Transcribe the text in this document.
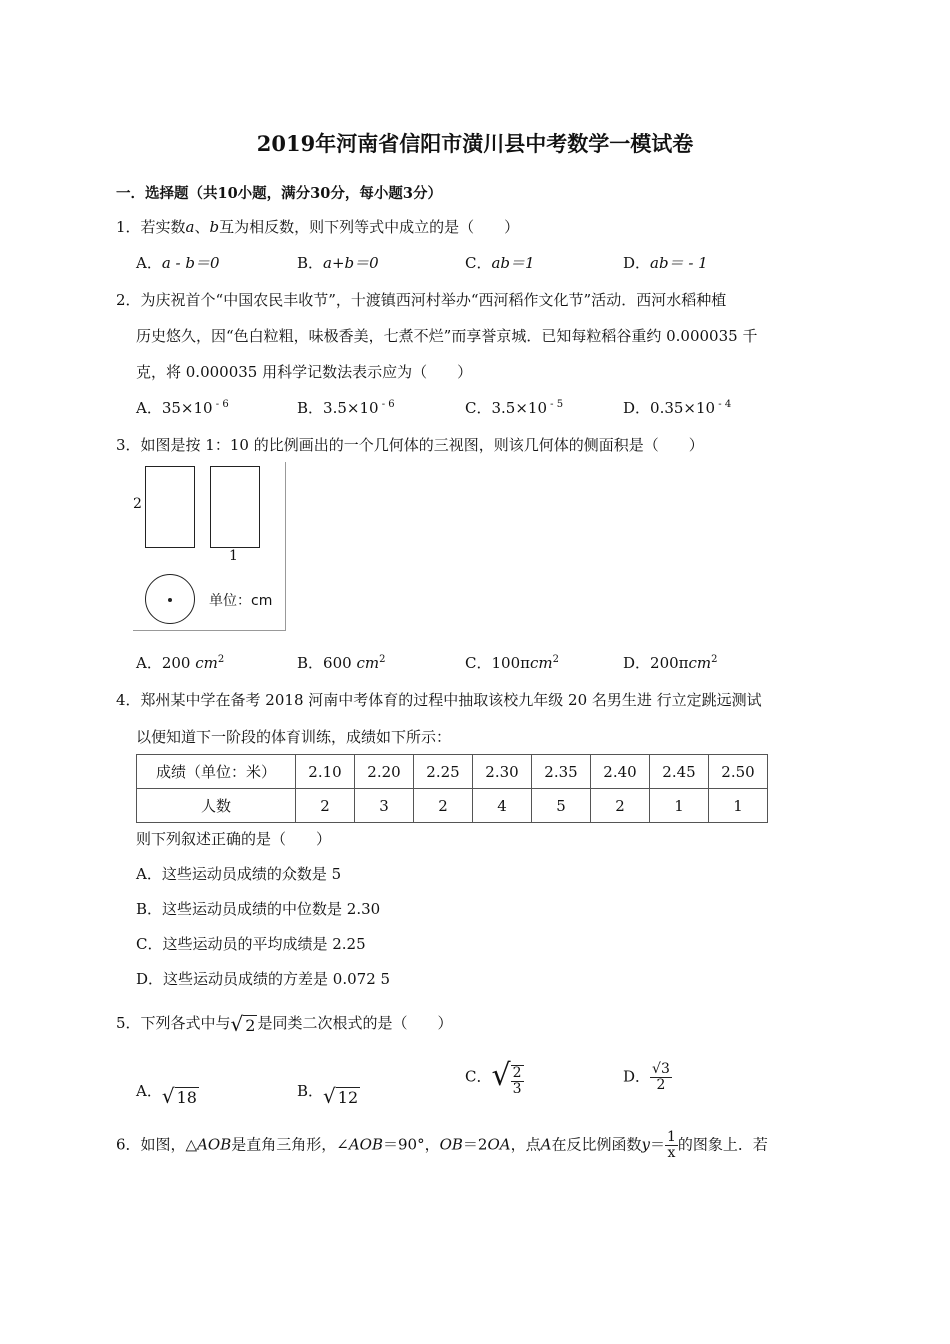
2019年河南省信阳市潢川县中考数学一模试卷
一．选择题（共10小题，满分30分，每小题3分）
1．若实数a、b互为相反数，则下列等式中成立的是（　　）
A．a - b＝0	B．a+b＝0	C．ab＝1	D．ab＝ - 1
2．为庆祝首个“中国农民丰收节”，十渡镇西河村举办“西河稻作文化节”活动．西河水稻种植
历史悠久，因“色白粒粗，味极香美，七煮不烂”而享誉京城．已知每粒稻谷重约 0.000035 千
克，将 0.000035 用科学记数法表示应为（　　）
A．35×10 $^{- 6}$	B．3.5×10 $^{- 6}$	C．3.5×10 $^{- 5}$	D．0.35×10 $^{- 4}$
3．如图是按 1：10 的比例画出的一个几何体的三视图，则该几何体的侧面积是（　　）
2
1
单位：cm
A．200 $cm^2$	B．600 $cm^2$	C．100πcm$^2$	D．200πcm$^2$
4．郑州某中学在备考 2018 河南中考体育的过程中抽取该校九年级 20 名男生进 行立定跳远测试
以便知道下一阶段的体育训练，成绩如下所示：
成绩（单位：米）	2.10	2.20	2.25	2.30	2.35	2.40	2.45	2.50
人数	2	3	2	4	5	2	1	1
则下列叙述正确的是（　　）
A．这些运动员成绩的众数是 5
B．这些运动员成绩的中位数是 2.30
C．这些运动员的平均成绩是 2.25
D．这些运动员成绩的方差是 0.072 5
5．下列各式中与√ 2 是同类二次根式的是（　　）
A．√ 18	B．√ 12
C．√ $\frac{2}{3}$	D． $\frac{√3}{2}$
6．如图，△AOB是直角三角形，∠AOB＝90°，OB＝2OA，点A在反比例函数$y= \frac{1}{x}$ 的图象上．若
